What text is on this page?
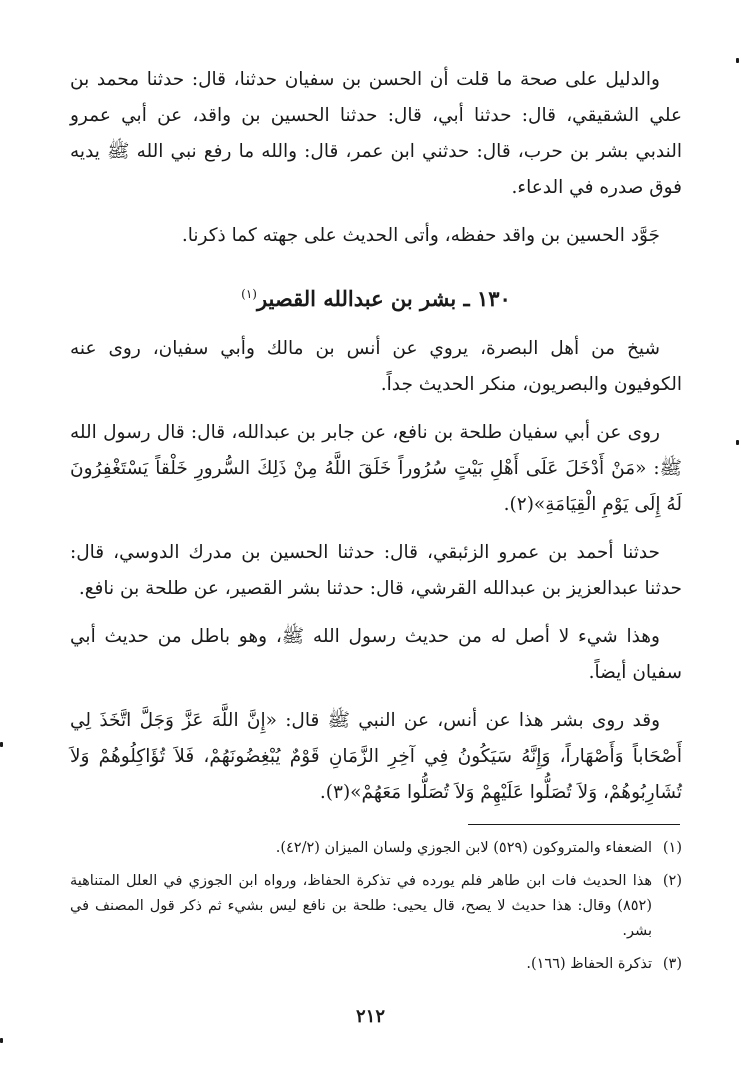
والدليل على صحة ما قلت أن الحسن بن سفيان حدثنا، قال: حدثنا محمد بن علي الشقيقي، قال: حدثنا أبي، قال: حدثنا الحسين بن واقد، عن أبي عمرو الندبي بشر بن حرب، قال: حدثني ابن عمر، قال: والله ما رفع نبي الله ﷺ يديه فوق صدره في الدعاء.

جَوَّد الحسين بن واقد حفظه، وأتى الحديث على جهته كما ذكرنا.

١٣٠ ـ بشر بن عبدالله القصير$^{(١)}$

شيخ من أهل البصرة، يروي عن أنس بن مالك وأبي سفيان، روى عنه الكوفيون والبصريون، منكر الحديث جداً.

روى عن أبي سفيان طلحة بن نافع، عن جابر بن عبدالله، قال: قال رسول الله ﷺ: «مَنْ أَدْخَلَ عَلَى أَهْلِ بَيْتٍ سُرُوراً خَلَقَ اللَّهُ مِنْ ذَلِكَ السُّرورِ خَلْقاً يَسْتَغْفِرُونَ لَهُ إِلَى يَوْمِ الْقِيَامَةِ»(٢).

حدثنا أحمد بن عمرو الزئبقي، قال: حدثنا الحسين بن مدرك الدوسي، قال: حدثنا عبدالعزيز بن عبدالله القرشي، قال: حدثنا بشر القصير، عن طلحة بن نافع.

وهذا شيء لا أصل له من حديث رسول الله ﷺ، وهو باطل من حديث أبي سفيان أيضاً.

وقد روى بشر هذا عن أنس، عن النبي ﷺ قال: «إِنَّ اللَّهَ عَزَّ وَجَلَّ اتَّخَذَ لِي أَصْحَاباً وَأَصْهَاراً، وَإِنَّهُ سَيَكُونُ فِي آخِرِ الزَّمَانِ قَوْمٌ يُبْغِضُونَهُمْ، فَلاَ تُؤَاكِلُوهُمْ وَلاَ تُشَارِبُوهُمْ، وَلاَ تُصَلُّوا عَلَيْهِمْ وَلاَ تُصَلُّوا مَعَهُمْ»(٣).

(١)
الضعفاء والمتروكون (٥٢٩) لابن الجوزي ولسان الميزان (٤٢/٢).
(٢)
هذا الحديث فات ابن طاهر فلم يورده في تذكرة الحفاظ، ورواه ابن الجوزي في العلل المتناهية (٨٥٢) وقال: هذا حديث لا يصح، قال يحيى: طلحة بن نافع ليس بشيء ثم ذكر قول المصنف في بشر.
(٣)
تذكرة الحفاظ (١٦٦).
٢١٢
